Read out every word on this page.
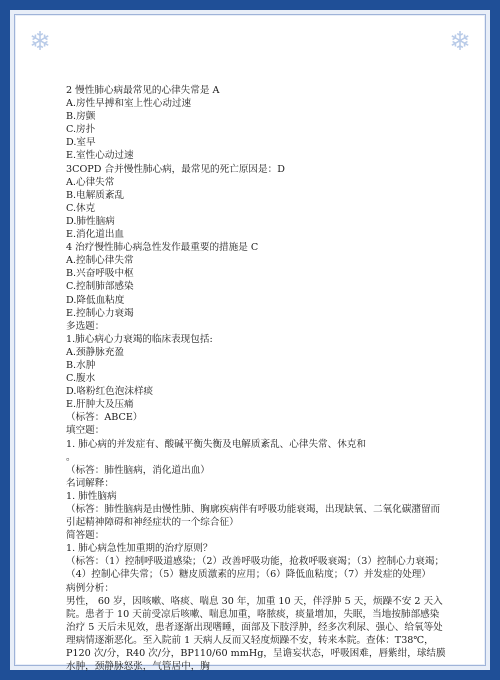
❄	❄
2 慢性肺心病最常见的心律失常是 A
A.房性早搏和室上性心动过速
B.房颤
C.房扑
D.室早
E.室性心动过速
3COPD 合并慢性肺心病，最常见的死亡原因是：D
A.心律失常
B.电解质紊乱
C.休克
D.肺性脑病
E.消化道出血
4 治疗慢性肺心病急性发作最重要的措施是 C
A.控制心律失常
B.兴奋呼吸中枢
C.控制肺部感染
D.降低血粘度
E.控制心力衰竭
多选题：
1.肺心病心力衰竭的临床表现包括:
A.颈静脉充盈
B.水肿
C.腹水
D.咯粉红色泡沫样痰
E.肝肿大及压痛
（标答：ABCE）
填空题：
1. 肺心病的并发症有、酸碱平衡失衡及电解质紊乱、心律失常、休克和
。
（标答：肺性脑病，消化道出血）
名词解释：
1. 肺性脑病
（标答：肺性脑病是由慢性肺、胸廓疾病伴有呼吸功能衰竭，出现缺氧、二氧化碳潴留而引起精神障碍和神经症状的一个综合征）
简答题：
1. 肺心病急性加重期的治疗原则？
（标答：（1）控制呼吸道感染；（2）改善呼吸功能，抢救呼吸衰竭；（3）控制心力衰竭；（4）控制心律失常；（5）糖皮质激素的应用；（6）降低血粘度；（7）并发症的处理）
病例分析：
男性， 60 岁，因咳嗽、咯痰、喘息 30 年，加重 10 天，伴浮肿 5 天，烦躁不安 2 天入院。患者于 10 天前受凉后咳嗽、喘息加重，咯脓痰，痰量增加，失眠，当地按肺部感染治疗 5 天后未见效，患者逐渐出现嗜睡，面部及下肢浮肿，经多次利尿、强心、给氧等处理病情逐渐恶化。至入院前 1 天病人反而又轻度烦躁不安，转来本院。查体：T38℃，P120 次/分，R40 次/分，BP110/60 mmHg，呈谵妄状态，呼吸困难，唇紫绀，球结膜水肿，颈静脉怒张，气管居中，胸
